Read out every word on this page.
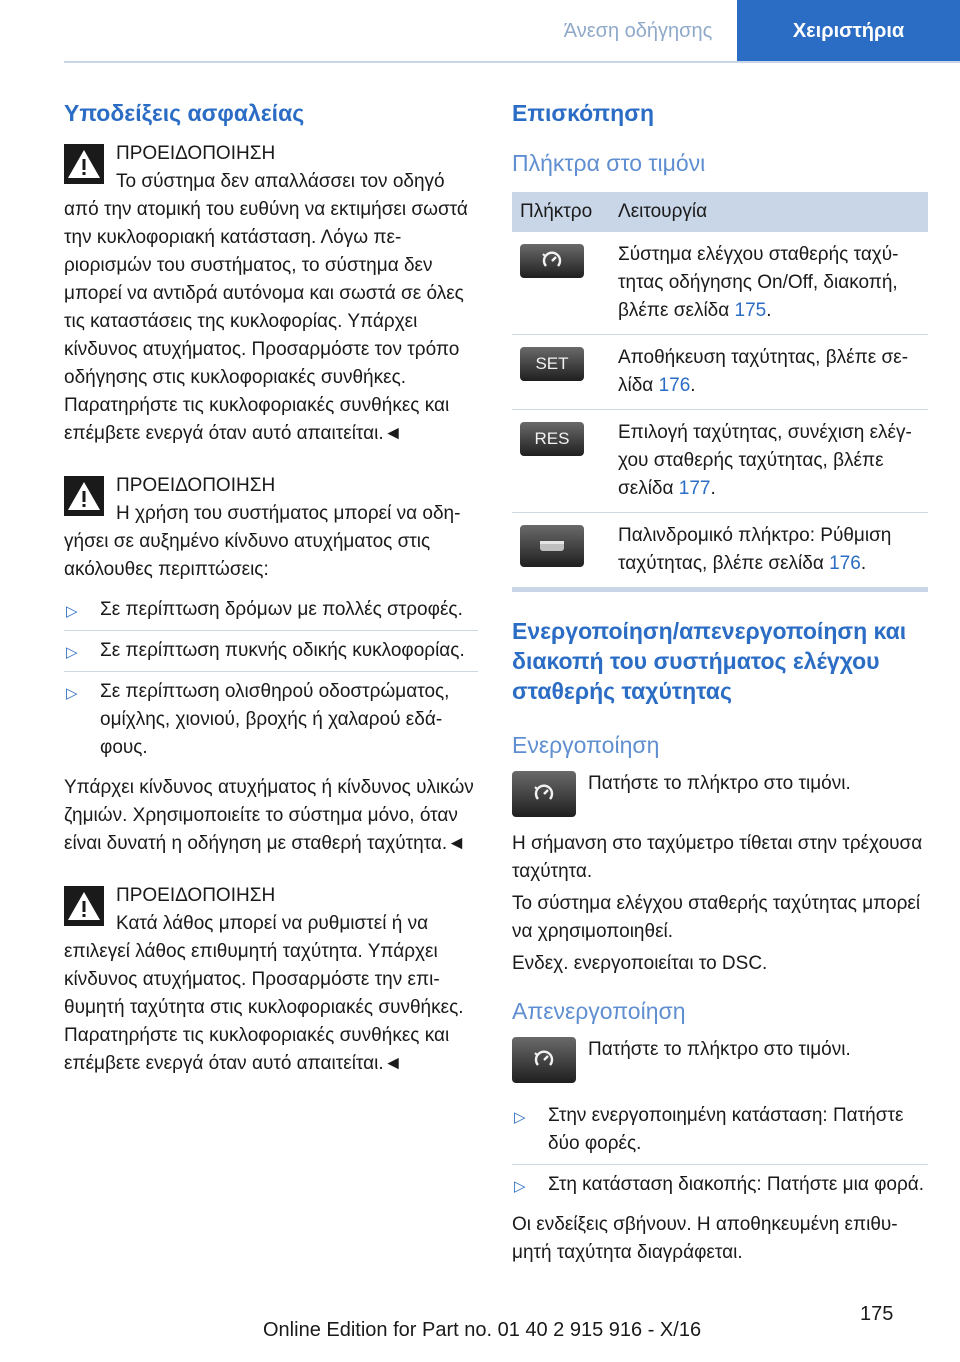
Άνεση οδήγησης	Χειριστήρια
Υποδείξεις ασφαλείας

ΠΡΟΕΙΔΟΠΟΙΗΣΗ

Το σύστημα δεν απαλλάσσει τον οδηγό από την ατομική του ευθύνη να εκτιμήσει σωστά την κυκλοφοριακή κατάσταση. Λόγω περιορισμών του συστήματος, το σύστημα δεν μπορεί να αντιδρά αυτόνομα και σωστά σε όλες τις καταστάσεις της κυκλοφορίας. Υπάρχει κίνδυνος ατυχήματος. Προσαρμόστε τον τρόπο οδήγησης στις κυκλοφοριακές συνθήκες. Παρατηρήστε τις κυκλοφοριακές συνθήκες και επέμβετε ενεργά όταν αυτό απαιτείται.◄

ΠΡΟΕΙΔΟΠΟΙΗΣΗ

Η χρήση του συστήματος μπορεί να οδηγήσει σε αυξημένο κίνδυνο ατυχήματος στις ακόλουθες περιπτώσεις:

▷ Σε περίπτωση δρόμων με πολλές στροφές.
▷ Σε περίπτωση πυκνής οδικής κυκλοφορίας.
▷ Σε περίπτωση ολισθηρού οδοστρώματος, ομίχλης, χιονιού, βροχής ή χαλαρού εδάφους.

Υπάρχει κίνδυνος ατυχήματος ή κίνδυνος υλικών ζημιών. Χρησιμοποιείτε το σύστημα μόνο, όταν είναι δυνατή η οδήγηση με σταθερή ταχύτητα.◄

ΠΡΟΕΙΔΟΠΟΙΗΣΗ

Κατά λάθος μπορεί να ρυθμιστεί ή να επιλεγεί λάθος επιθυμητή ταχύτητα. Υπάρχει κίνδυνος ατυχήματος. Προσαρμόστε την επιθυμητή ταχύτητα στις κυκλοφοριακές συνθήκες. Παρατηρήστε τις κυκλοφοριακές συνθήκες και επέμβετε ενεργά όταν αυτό απαιτείται.◄

Επισκόπηση
Πλήκτρα στο τιμόνι
Πλήκτρο	Λειτουργία

	Σύστημα ελέγχου σταθερής ταχύτητας οδήγησης On/Off, διακοπή, βλέπε σελίδα 175.

SET	Αποθήκευση ταχύτητας, βλέπε σελίδα 176.

RES	Επιλογή ταχύτητας, συνέχιση ελέγχου σταθερής ταχύτητας, βλέπε σελίδα 177.

	Παλινδρομικό πλήκτρο: Ρύθμιση ταχύτητας, βλέπε σελίδα 176.
Ενεργοποίηση/απενεργοποίηση και διακοπή του συστήματος ελέγχου σταθερής ταχύτητας
Ενεργοποίηση

Πατήστε το πλήκτρο στο τιμόνι.

Η σήμανση στο ταχύμετρο τίθεται στην τρέχουσα ταχύτητα.

Το σύστημα ελέγχου σταθερής ταχύτητας μπορεί να χρησιμοποιηθεί.

Ενδεχ. ενεργοποιείται το DSC.

Απενεργοποίηση

Πατήστε το πλήκτρο στο τιμόνι.

▷ Στην ενεργοποιημένη κατάσταση: Πατήστε δύο φορές.
▷ Στη κατάσταση διακοπής: Πατήστε μια φορά.

Οι ενδείξεις σβήνουν. Η αποθηκευμένη επιθυμητή ταχύτητα διαγράφεται.

175
Online Edition for Part no. 01 40 2 915 916 - X/16
